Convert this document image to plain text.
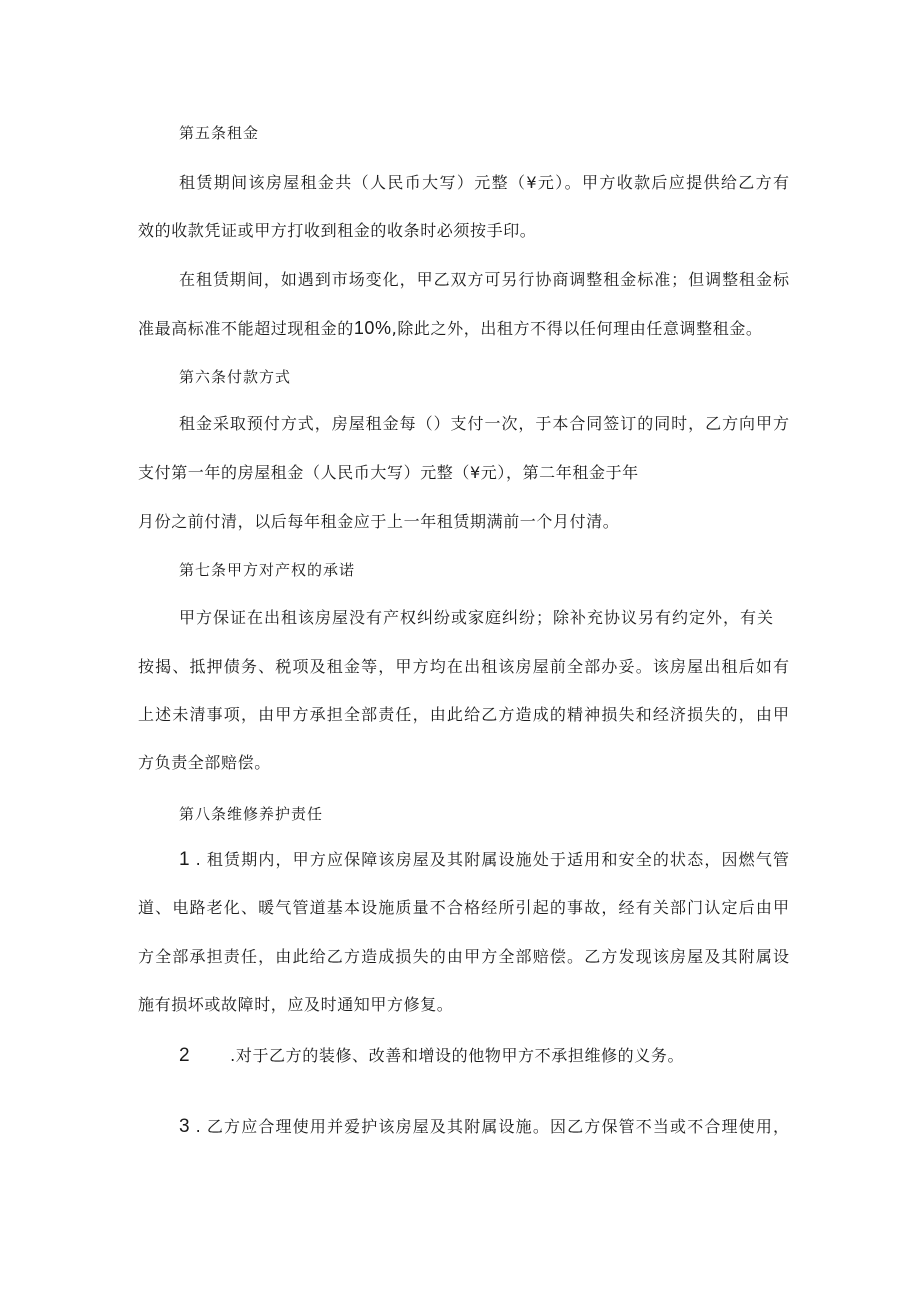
第五条租金
租赁期间该房屋租金共（人民币大写）元整（¥元）。甲方收款后应提供给乙方有
效的收款凭证或甲方打收到租金的收条时必须按手印。
在租赁期间，如遇到市场变化，甲乙双方可另行协商调整租金标准；但调整租金标
准最高标准不能超过现租金的10%,除此之外，出租方不得以任何理由任意调整租金。
第六条付款方式
租金采取预付方式，房屋租金每（）支付一次，于本合同签订的同时，乙方向甲方
支付第一年的房屋租金（人民币大写）元整（¥元），第二年租金于年
月份之前付清，以后每年租金应于上一年租赁期满前一个月付清。
第七条甲方对产权的承诺
甲方保证在出租该房屋没有产权纠纷或家庭纠纷；除补充协议另有约定外，有关
按揭、抵押债务、税项及租金等，甲方均在出租该房屋前全部办妥。该房屋出租后如有
上述未清事项，由甲方承担全部责任，由此给乙方造成的精神损失和经济损失的，由甲
方负责全部赔偿。
第八条维修养护责任
1 . 租赁期内，甲方应保障该房屋及其附属设施处于适用和安全的状态，因燃气管
道、电路老化、暖气管道基本设施质量不合格经所引起的事故，经有关部门认定后由甲
方全部承担责任，由此给乙方造成损失的由甲方全部赔偿。乙方发现该房屋及其附属设
施有损坏或故障时，应及时通知甲方修复。
2	.对于乙方的装修、改善和增设的他物甲方不承担维修的义务。
3 . 乙方应合理使用并爱护该房屋及其附属设施。因乙方保管不当或不合理使用，
